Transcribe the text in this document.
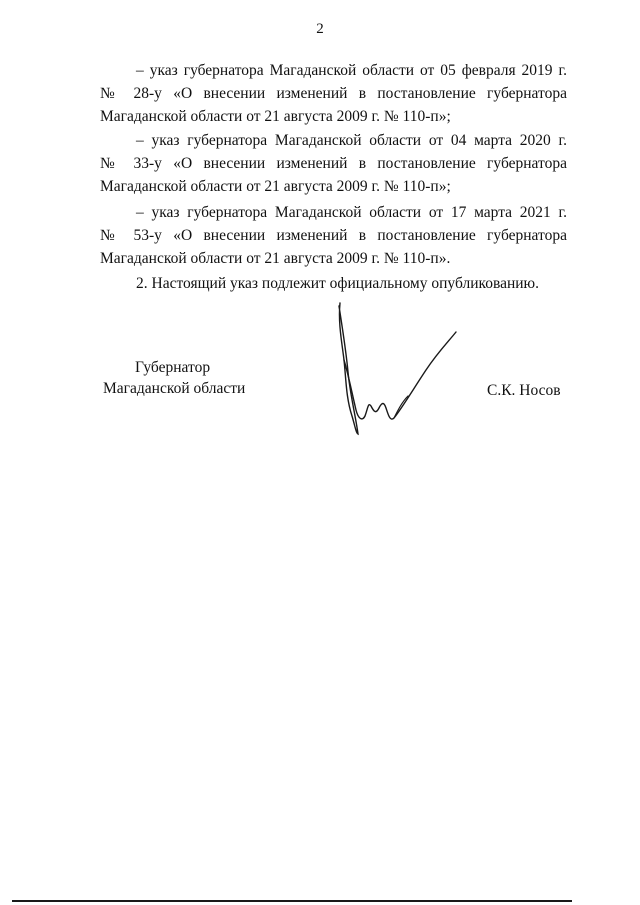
2
– указ губернатора Магаданской области от 05 февраля 2019 г.
№ 28-у «О внесении изменений в постановление губернатора
Магаданской области от 21 августа 2009 г. № 110-п»;
– указ губернатора Магаданской области от 04 марта 2020 г.
№ 33-у «О внесении изменений в постановление губернатора
Магаданской области от 21 августа 2009 г. № 110-п»;
– указ губернатора Магаданской области от 17 марта 2021 г.
№ 53-у «О внесении изменений в постановление губернатора
Магаданской области от 21 августа 2009 г. № 110-п».
2. Настоящий указ подлежит официальному опубликованию.
Губернатор
Магаданской области	С.К. Носов
